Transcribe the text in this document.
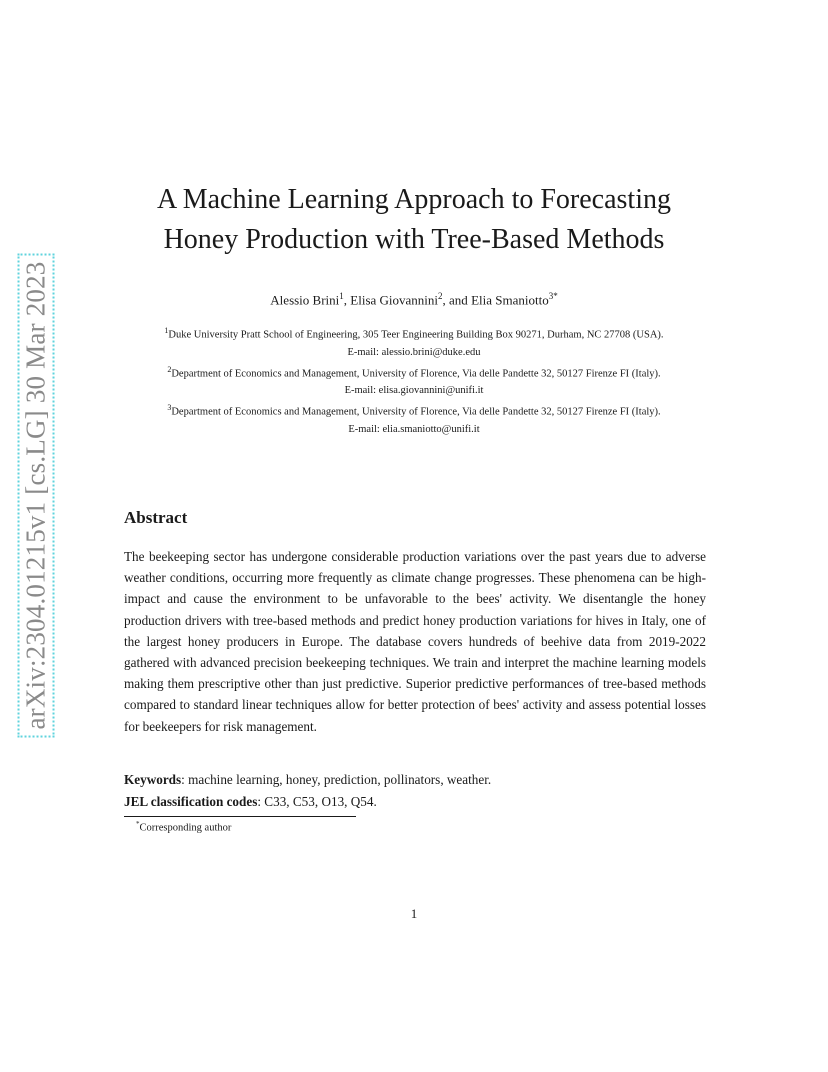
arXiv:2304.01215v1 [cs.LG] 30 Mar 2023
A Machine Learning Approach to Forecasting
Honey Production with Tree-Based Methods
Alessio Brini$^1$, Elisa Giovannini$^2$, and Elia Smaniotto$^{3*}$
$^1$Duke University Pratt School of Engineering, 305 Teer Engineering Building Box 90271, Durham, NC 27708 (USA).
E-mail: alessio.brini@duke.edu
$^2$Department of Economics and Management, University of Florence, Via delle Pandette 32, 50127 Firenze FI (Italy).
E-mail: elisa.giovannini@unifi.it
$^3$Department of Economics and Management, University of Florence, Via delle Pandette 32, 50127 Firenze FI (Italy).
E-mail: elia.smaniotto@unifi.it
Abstract

The beekeeping sector has undergone considerable production variations over the past years due to adverse weather conditions, occurring more frequently as climate change progresses. These phenomena can be high-impact and cause the environment to be unfavorable to the bees' activity. We disentangle the honey production drivers with tree-based methods and predict honey production variations for hives in Italy, one of the largest honey producers in Europe. The database covers hundreds of beehive data from 2019-2022 gathered with advanced precision beekeeping techniques. We train and interpret the machine learning models making them prescriptive other than just predictive. Superior predictive performances of tree-based methods compared to standard linear techniques allow for better protection of bees' activity and assess potential losses for beekeepers for risk management.

Keywords: machine learning, honey, prediction, pollinators, weather.
JEL classification codes: C33, C53, O13, Q54.
*Corresponding author
1
